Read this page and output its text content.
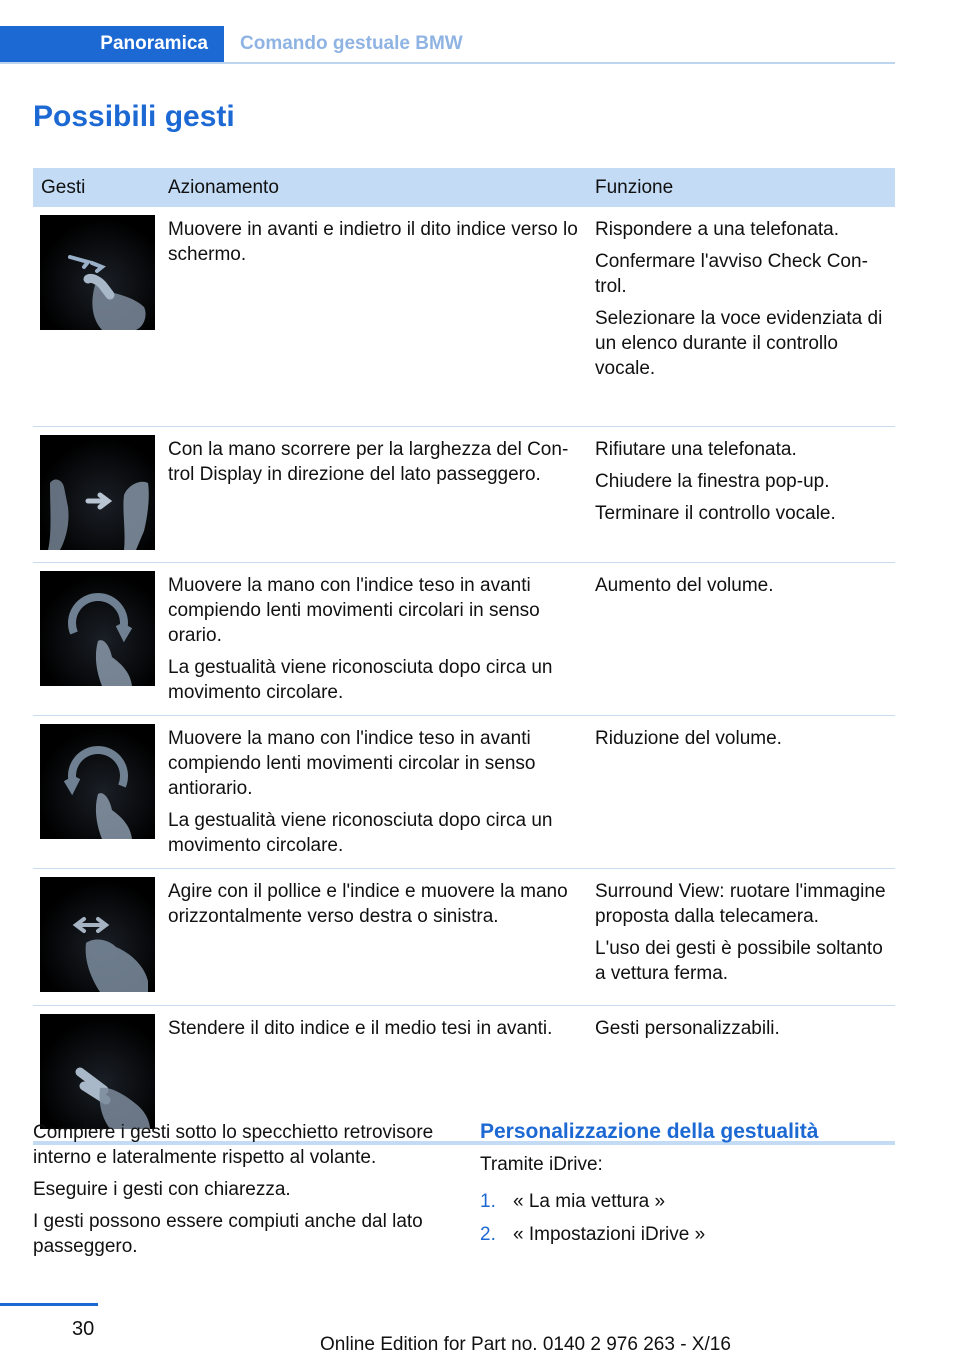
Panoramica	Comando gestuale BMW
Possibili gesti
Gesti	Azionamento	Funzione

Muovere in avanti e indietro il dito indice verso lo schermo.	Rispondere a una telefonata.

Confermare l'avviso Check Control.

Selezionare la voce evidenziata di un elenco durante il controllo vocale.

Con la mano scorrere per la larghezza del Control Display in direzione del lato passeggero.	Rifiutare una telefonata.

Chiudere la finestra pop-up.

Terminare il controllo vocale.

Muovere la mano con l'indice teso in avanti compiendo lenti movimenti circolari in senso orario.

La gestualità viene riconosciuta dopo circa un movimento circolare.	Aumento del volume.

Muovere la mano con l'indice teso in avanti compiendo lenti movimenti circolar in senso antiorario.

La gestualità viene riconosciuta dopo circa un movimento circolare.	Riduzione del volume.

Agire con il pollice e l'indice e muovere la mano orizzontalmente verso destra o sinistra.	Surround View: ruotare l'immagine proposta dalla telecamera.

L'uso dei gesti è possibile soltanto a vettura ferma.

Stendere il dito indice e il medio tesi in avanti.	Gesti personalizzabili.

Compiere i gesti sotto lo specchietto retrovisore interno e lateralmente rispetto al volante.

Eseguire i gesti con chiarezza.

I gesti possono essere compiuti anche dal lato passeggero.

Personalizzazione della gestualità

Tramite iDrive:

1. « La mia vettura »
2. « Impostazioni iDrive »
30
Online Edition for Part no. 0140 2 976 263 - X/16
